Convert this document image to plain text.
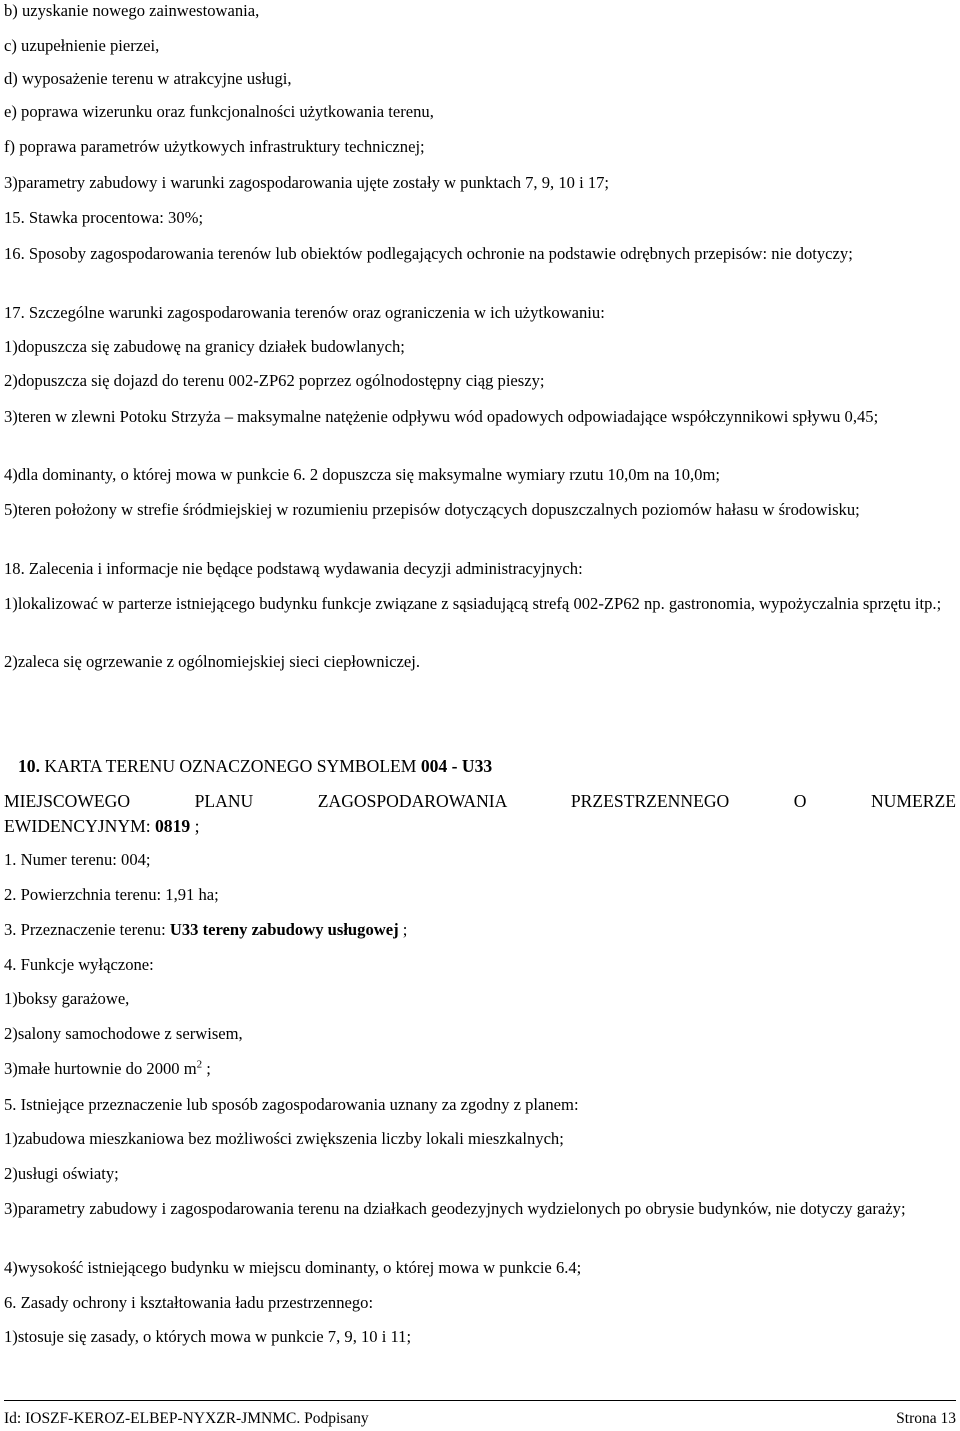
b) uzyskanie nowego zainwestowania,
c) uzupełnienie pierzei,
d) wyposażenie terenu w atrakcyjne usługi,
e) poprawa wizerunku oraz funkcjonalności użytkowania terenu,
f) poprawa parametrów użytkowych infrastruktury technicznej;
3)parametry zabudowy i warunki zagospodarowania ujęte zostały w punktach 7, 9, 10 i 17;
15. Stawka procentowa: 30%;
16. Sposoby zagospodarowania terenów lub obiektów podlegających ochronie na podstawie odrębnych przepisów: nie dotyczy;
17. Szczególne warunki zagospodarowania terenów oraz ograniczenia w ich użytkowaniu:
1)dopuszcza się zabudowę na granicy działek budowlanych;
2)dopuszcza się dojazd do terenu 002-ZP62 poprzez ogólnodostępny ciąg pieszy;
3)teren w zlewni Potoku Strzyża – maksymalne natężenie odpływu wód opadowych odpowiadające współczynnikowi spływu 0,45;
4)dla dominanty, o której mowa w punkcie 6. 2 dopuszcza się maksymalne wymiary rzutu 10,0m na 10,0m;
5)teren położony w strefie śródmiejskiej w rozumieniu przepisów dotyczących dopuszczalnych poziomów hałasu w środowisku;
18. Zalecenia i informacje nie będące podstawą wydawania decyzji administracyjnych:
1)lokalizować w parterze istniejącego budynku funkcje związane z sąsiadującą strefą 002-ZP62 np. gastronomia, wypożyczalnia sprzętu itp.;
2)zaleca się ogrzewanie z ogólnomiejskiej sieci ciepłowniczej.
10. KARTA TERENU OZNACZONEGO SYMBOLEM 004 - U33
MIEJSCOWEGO PLANU ZAGOSPODAROWANIA PRZESTRZENNEGO O NUMERZE
EWIDENCYJNYM: 0819 ;
1. Numer terenu: 004;
2. Powierzchnia terenu: 1,91 ha;
3. Przeznaczenie terenu: U33 tereny zabudowy usługowej ;
4. Funkcje wyłączone:
1)boksy garażowe,
2)salony samochodowe z serwisem,
3)małe hurtownie do 2000 $m^2$ ;
5. Istniejące przeznaczenie lub sposób zagospodarowania uznany za zgodny z planem:
1)zabudowa mieszkaniowa bez możliwości zwiększenia liczby lokali mieszkalnych;
2)usługi oświaty;
3)parametry zabudowy i zagospodarowania terenu na działkach geodezyjnych wydzielonych po obrysie budynków, nie dotyczy garaży;
4)wysokość istniejącego budynku w miejscu dominanty, o której mowa w punkcie 6.4;
6. Zasady ochrony i kształtowania ładu przestrzennego:
1)stosuje się zasady, o których mowa w punkcie 7, 9, 10 i 11;
Id: IOSZF-KEROZ-ELBEP-NYXZR-JMNMC. Podpisany	Strona 13
